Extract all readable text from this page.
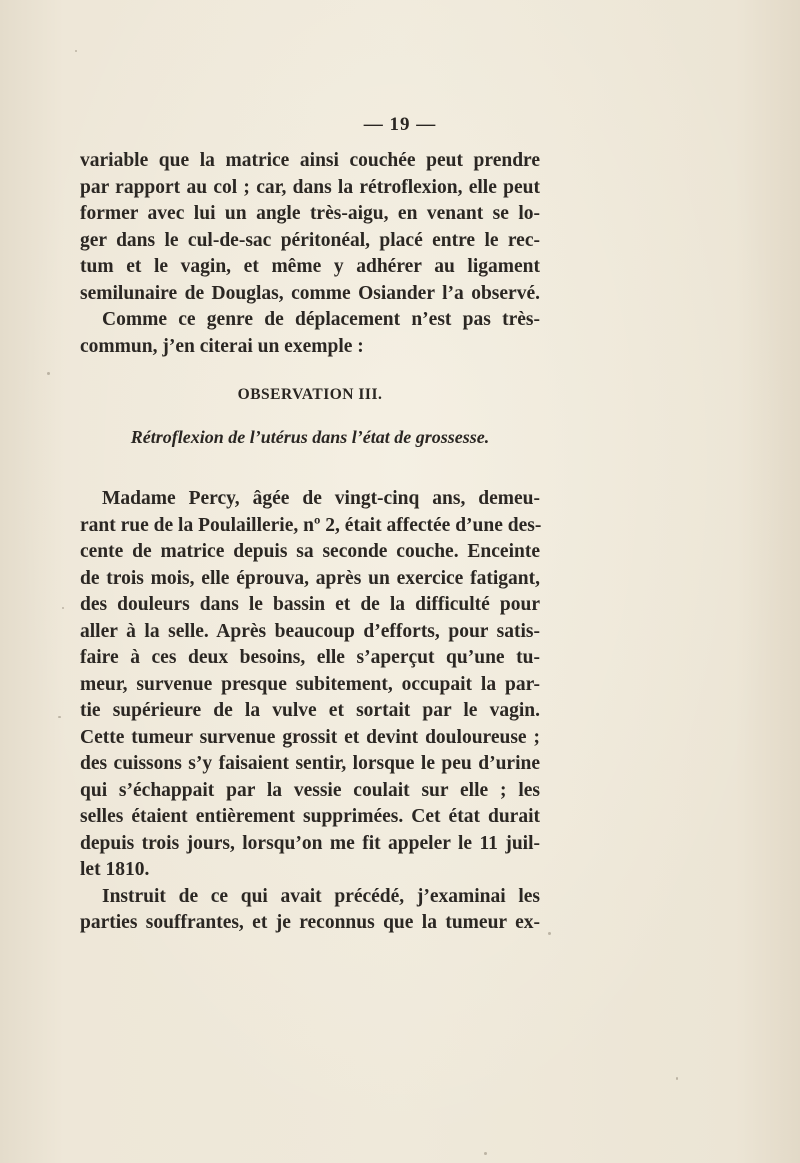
— 19 —
variable que la matrice ainsi couchée peut prendre
par rapport au col ; car, dans la rétroflexion, elle peut
former avec lui un angle très-aigu, en venant se lo-
ger dans le cul-de-sac péritonéal, placé entre le rec-
tum et le vagin, et même y adhérer au ligament
semilunaire de Douglas, comme Osiander l’a observé.
Comme ce genre de déplacement n’est pas très-
commun, j’en citerai un exemple :
OBSERVATION III.
Rétroflexion de l’utérus dans l’état de grossesse.
Madame Percy, âgée de vingt-cinq ans, demeu-
rant rue de la Poulaillerie, nº 2, était affectée d’une des-
cente de matrice depuis sa seconde couche. Enceinte
de trois mois, elle éprouva, après un exercice fatigant,
des douleurs dans le bassin et de la difficulté pour
aller à la selle. Après beaucoup d’efforts, pour satis-
faire à ces deux besoins, elle s’aperçut qu’une tu-
meur, survenue presque subitement, occupait la par-
tie supérieure de la vulve et sortait par le vagin.
Cette tumeur survenue grossit et devint douloureuse ;
des cuissons s’y faisaient sentir, lorsque le peu d’urine
qui s’échappait par la vessie coulait sur elle ; les
selles étaient entièrement supprimées. Cet état durait
depuis trois jours, lorsqu’on me fit appeler le 11 juil-
let 1810.
Instruit de ce qui avait précédé, j’examinai les
parties souffrantes, et je reconnus que la tumeur ex-
